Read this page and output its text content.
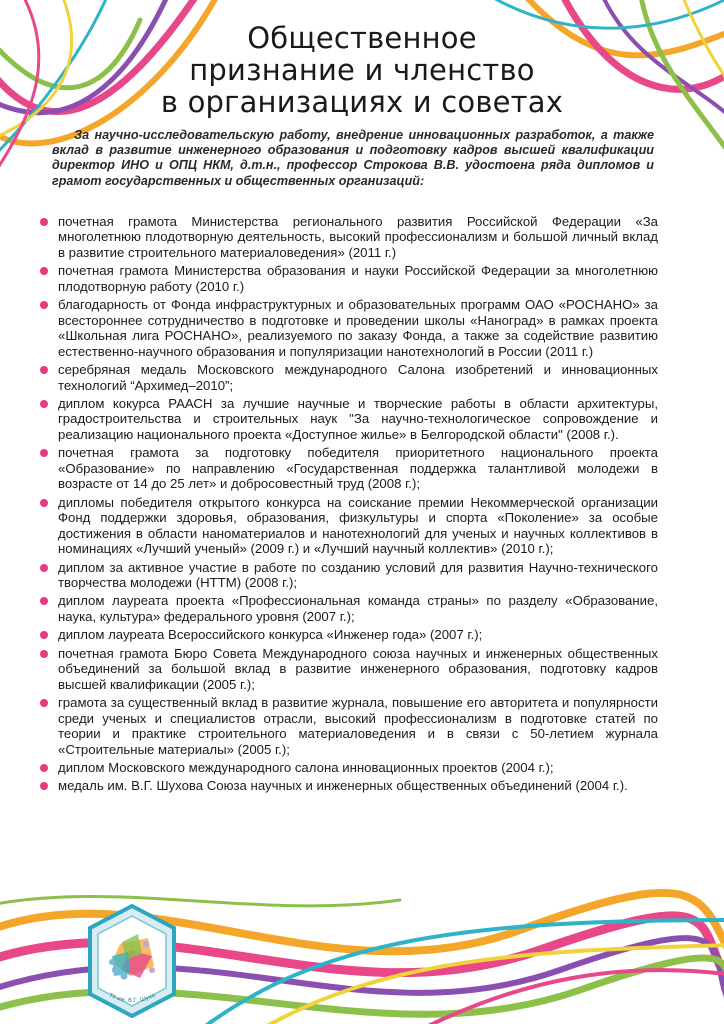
Общественное
признание и членство
в организациях и советах
За научно-исследовательскую работу, внедрение инновационных разработок, а также вклад в развитие инженерного образования и подготовку кадров высшей квалификации директор ИНО и ОПЦ НКМ, д.т.н., профессор Строкова В.В. удостоена ряда дипломов и грамот государственных и общественных организаций:
почетная грамота Министерства регионального развития Российской Федерации «За многолетнюю плодотворную деятельность, высокий профессионализм и большой личный вклад в развитие строительного материаловедения» (2011 г.)
почетная грамота Министерства образования и науки Российской Федерации за многолетнюю плодотворную работу (2010 г.)
благодарность от Фонда инфраструктурных и образовательных программ ОАО «РОСНАНО» за всестороннее сотрудничество в подготовке и проведении школы «Наноград» в рамках проекта «Школьная лига РОСНАНО», реализуемого по заказу Фонда, а также за содействие развитию естественно-научного образования и популяризации нанотехнологий в России (2011 г.)
серебряная медаль Московского международного Салона изобретений и инновационных технологий “Архимед–2010”;
диплом кокурса РААСН за лучшие научные и творческие работы в области архитектуры, градостроительства и строительных наук "За научно-технологическое сопровождение и реализацию национального проекта «Доступное жилье» в Белгородской области" (2008 г.).
почетная грамота за подготовку победителя приоритетного национального проекта «Образование» по направлению «Государственная поддержка талантливой молодежи в возрасте от 14 до 25 лет» и добросовестный труд (2008 г.);
дипломы победителя открытого конкурса на соискание премии Некоммерческой организации Фонд поддержки здоровья, образования, физкультуры и спорта «Поколение» за особые достижения в области наноматериалов и нанотехнологий для ученых и научных коллективов в номинациях «Лучший ученый» (2009 г.) и «Лучший научный коллектив» (2010 г.);
диплом за активное участие в работе по созданию условий для развития Научно-технического творчества молодежи (НТТМ) (2008 г.);
диплом лауреата проекта «Профессиональная команда страны» по разделу «Образование, наука, культура» федерального уровня (2007 г.);
диплом лауреата Всероссийского конкурса «Инженер года» (2007 г.);
почетная грамота Бюро Совета Международного союза научных и инженерных общественных объединений за большой вклад в развитие инженерного образования, подготовку кадров высшей квалификации (2005 г.);
грамота за существенный вклад в развитие журнала, повышение его авторитета и популярности среди ученых и специалистов отрасли, высокий профессионализм в подготовке статей по теории и практике строительного материаловедения и в связи с 50-летием журнала «Строительные материалы» (2005 г.);
диплом Московского международного салона инновационных проектов (2004 г.);
медаль им. В.Г. Шухова Союза научных и инженерных общественных объединений (2004 г.).
ТУ им. В.Г. Шухо
